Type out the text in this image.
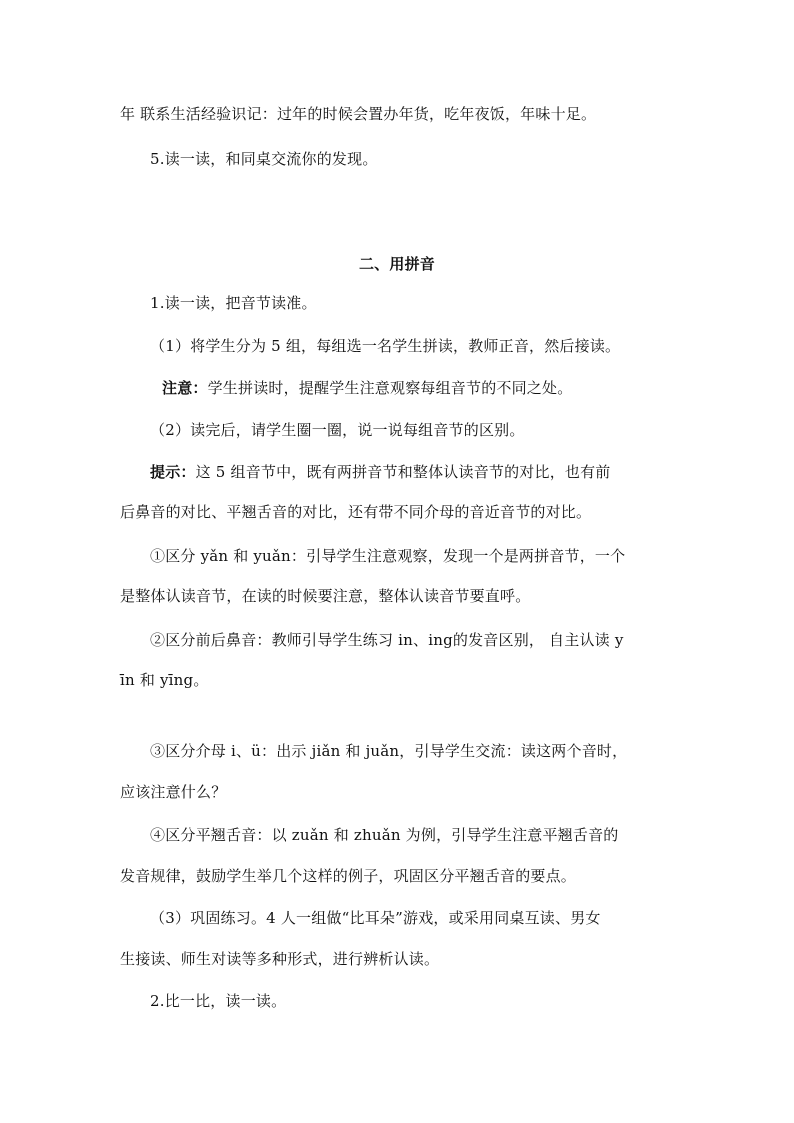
年 联系生活经验识记：过年的时候会置办年货，吃年夜饭，年味十足。
5.读一读，和同桌交流你的发现。
二、用拼音
1.读一读，把音节读准。
（1）将学生分为 5 组，每组选一名学生拼读，教师正音，然后接读。
注意：学生拼读时，提醒学生注意观察每组音节的不同之处。
（2）读完后，请学生圈一圈，说一说每组音节的区别。
提示：这 5 组音节中，既有两拼音节和整体认读音节的对比，也有前
后鼻音的对比、平翘舌音的对比，还有带不同介母的音近音节的对比。
①区分 yǎn 和 yuǎn：引导学生注意观察，发现一个是两拼音节，一个
是整体认读音节，在读的时候要注意，整体认读音节要直呼。
②区分前后鼻音：教师引导学生练习 in、ing的发音区别， 自主认读 y
īn 和 yīng。
③区分介母 i、ü：出示 jiǎn 和 juǎn，引导学生交流：读这两个音时，
应该注意什么？
④区分平翘舌音：以 zuǎn 和 zhuǎn 为例，引导学生注意平翘舌音的
发音规律，鼓励学生举几个这样的例子，巩固区分平翘舌音的要点。
（3）巩固练习。4 人一组做“比耳朵”游戏，或采用同桌互读、男女
生接读、师生对读等多种形式，进行辨析认读。
2.比一比，读一读。
